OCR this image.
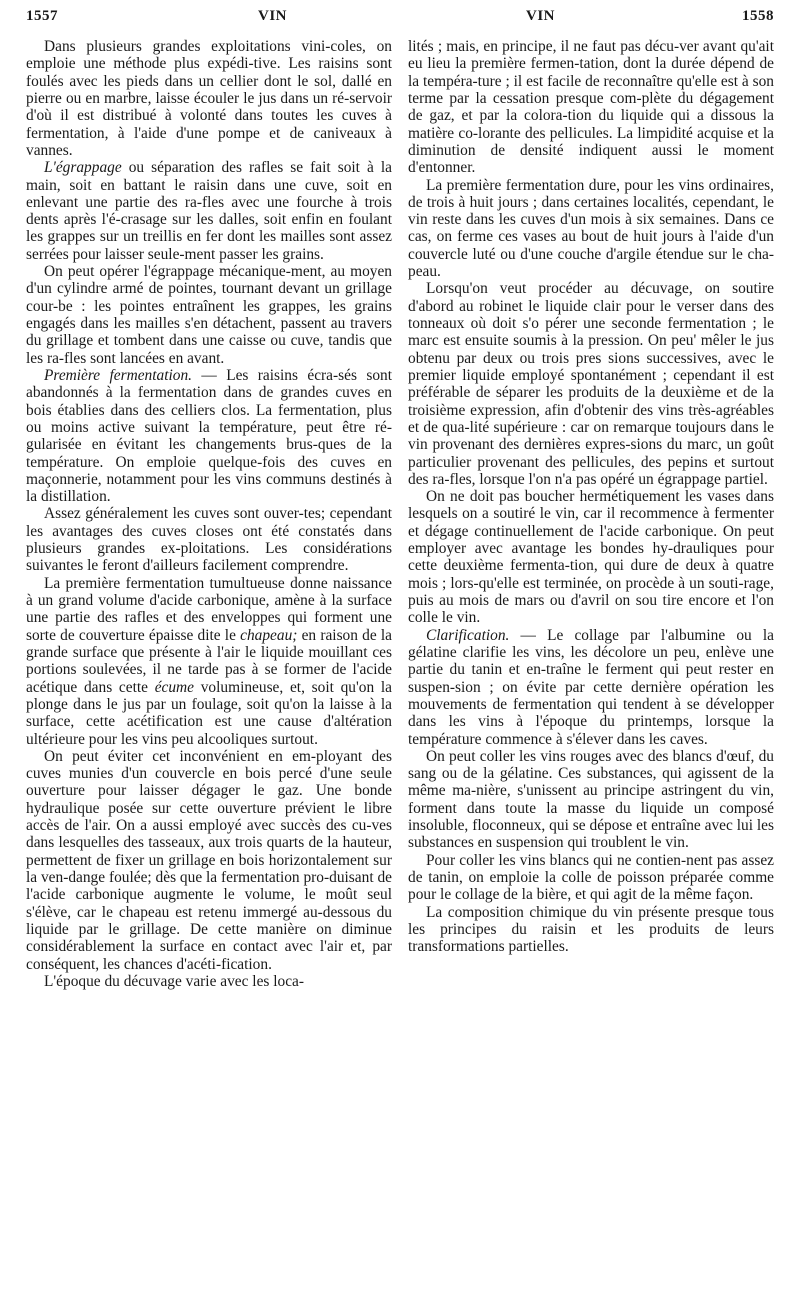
1557	VIN	VIN	1558

Dans plusieurs grandes exploitations vini-coles, on emploie une méthode plus expédi-tive. Les raisins sont foulés avec les pieds dans un cellier dont le sol, dallé en pierre ou en marbre, laisse écouler le jus dans un ré-servoir d'où il est distribué à volonté dans toutes les cuves à fermentation, à l'aide d'une pompe et de caniveaux à vannes.

L'égrappage ou séparation des rafles se fait soit à la main, soit en battant le raisin dans une cuve, soit en enlevant une partie des ra-fles avec une fourche à trois dents après l'é-crasage sur les dalles, soit enfin en foulant les grappes sur un treillis en fer dont les mailles sont assez serrées pour laisser seule-ment passer les grains.

On peut opérer l'égrappage mécanique-ment, au moyen d'un cylindre armé de pointes, tournant devant un grillage cour-be : les pointes entraînent les grappes, les grains engagés dans les mailles s'en détachent, passent au travers du grillage et tombent dans une caisse ou cuve, tandis que les ra-fles sont lancées en avant.

Première fermentation. — Les raisins écra-sés sont abandonnés à la fermentation dans de grandes cuves en bois établies dans des celliers clos. La fermentation, plus ou moins active suivant la température, peut être ré-gularisée en évitant les changements brus-ques de la température. On emploie quelque-fois des cuves en maçonnerie, notamment pour les vins communs destinés à la distillation.

Assez généralement les cuves sont ouver-tes; cependant les avantages des cuves closes ont été constatés dans plusieurs grandes ex-ploitations. Les considérations suivantes le feront d'ailleurs facilement comprendre.

La première fermentation tumultueuse donne naissance à un grand volume d'acide carbonique, amène à la surface une partie des rafles et des enveloppes qui forment une sorte de couverture épaisse dite le chapeau; en raison de la grande surface que présente à l'air le liquide mouillant ces portions soulevées, il ne tarde pas à se former de l'acide acétique dans cette écume volumineuse, et, soit qu'on la plonge dans le jus par un foulage, soit qu'on la laisse à la surface, cette acétification est une cause d'altération ultérieure pour les vins peu alcooliques surtout.

On peut éviter cet inconvénient en em-ployant des cuves munies d'un couvercle en bois percé d'une seule ouverture pour laisser dégager le gaz. Une bonde hydraulique posée sur cette ouverture prévient le libre accès de l'air. On a aussi employé avec succès des cu-ves dans lesquelles des tasseaux, aux trois quarts de la hauteur, permettent de fixer un grillage en bois horizontalement sur la ven-dange foulée; dès que la fermentation pro-duisant de l'acide carbonique augmente le volume, le moût seul s'élève, car le chapeau est retenu immergé au-dessous du liquide par le grillage. De cette manière on diminue considérablement la surface en contact avec l'air et, par conséquent, les chances d'acéti-fication.

L'époque du décuvage varie avec les loca-

lités ; mais, en principe, il ne faut pas décu-ver avant qu'ait eu lieu la première fermen-tation, dont la durée dépend de la tempéra-ture ; il est facile de reconnaître qu'elle est à son terme par la cessation presque com-plète du dégagement de gaz, et par la colora-tion du liquide qui a dissous la matière co-lorante des pellicules. La limpidité acquise et la diminution de densité indiquent aussi le moment d'entonner.

La première fermentation dure, pour les vins ordinaires, de trois à huit jours ; dans certaines localités, cependant, le vin reste dans les cuves d'un mois à six semaines. Dans ce cas, on ferme ces vases au bout de huit jours à l'aide d'un couvercle luté ou d'une couche d'argile étendue sur le cha-peau.

Lorsqu'on veut procéder au décuvage, on soutire d'abord au robinet le liquide clair pour le verser dans des tonneaux où doit s'o pérer une seconde fermentation ; le marc est ensuite soumis à la pression. On peu' mêler le jus obtenu par deux ou trois pres sions successives, avec le premier liquide employé spontanément ; cependant il est préférable de séparer les produits de la deuxième et de la troisième expression, afin d'obtenir des vins très-agréables et de qua-lité supérieure : car on remarque toujours dans le vin provenant des dernières expres-sions du marc, un goût particulier provenant des pellicules, des pepins et surtout des ra-fles, lorsque l'on n'a pas opéré un égrappage partiel.

On ne doit pas boucher hermétiquement les vases dans lesquels on a soutiré le vin, car il recommence à fermenter et dégage continuellement de l'acide carbonique. On peut employer avec avantage les bondes hy-drauliques pour cette deuxième fermenta-tion, qui dure de deux à quatre mois ; lors-qu'elle est terminée, on procède à un souti-rage, puis au mois de mars ou d'avril on sou tire encore et l'on colle le vin.

Clarification. — Le collage par l'albumine ou la gélatine clarifie les vins, les décolore un peu, enlève une partie du tanin et en-traîne le ferment qui peut rester en suspen-sion ; on évite par cette dernière opération les mouvements de fermentation qui tendent à se développer dans les vins à l'époque du printemps, lorsque la température commence à s'élever dans les caves.

On peut coller les vins rouges avec des blancs d'œuf, du sang ou de la gélatine. Ces substances, qui agissent de la même ma-nière, s'unissent au principe astringent du vin, forment dans toute la masse du liquide un composé insoluble, floconneux, qui se dépose et entraîne avec lui les substances en suspension qui troublent le vin.

Pour coller les vins blancs qui ne contien-nent pas assez de tanin, on emploie la colle de poisson préparée comme pour le collage de la bière, et qui agit de la même façon.

La composition chimique du vin présente presque tous les principes du raisin et les produits de leurs transformations partielles.
